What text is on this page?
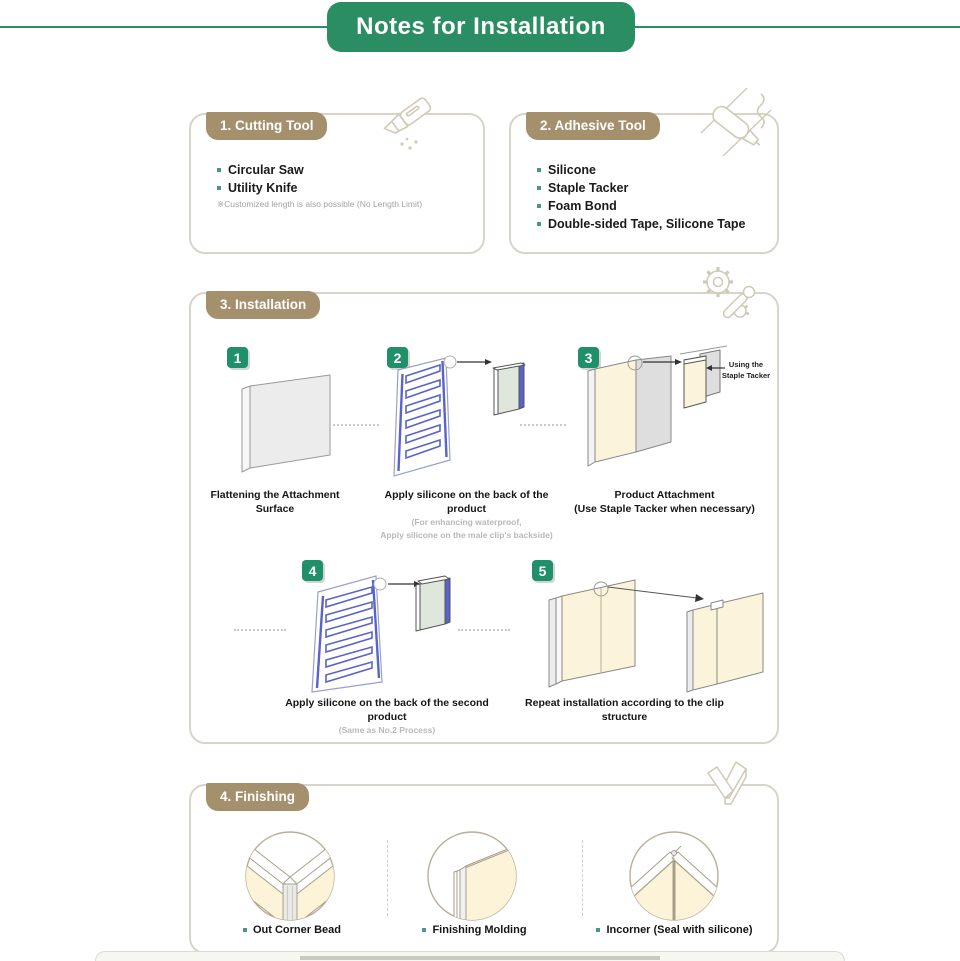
Notes for Installation
1. Cutting Tool
Circular Saw
Utility Knife
※Customized length is also possible (No Length Limit)
2. Adhesive Tool
Silicone
Staple Tacker
Foam Bond
Double-sided Tape, Silicone Tape
3. Installation
1	2	3
4	5
Using the
Staple Tacker
Flattening the Attachment Surface
Apply silicone on the back of the product
(For enhancing waterproof,
Apply silicone on the male clip's backside)
Product Attachment
(Use Staple Tacker when necessary)
Apply silicone on the back of the second product
(Same as No.2 Process)
Repeat installation according to the clip structure
4. Finishing
Out Corner Bead	Finishing Molding	Incorner (Seal with silicone)
